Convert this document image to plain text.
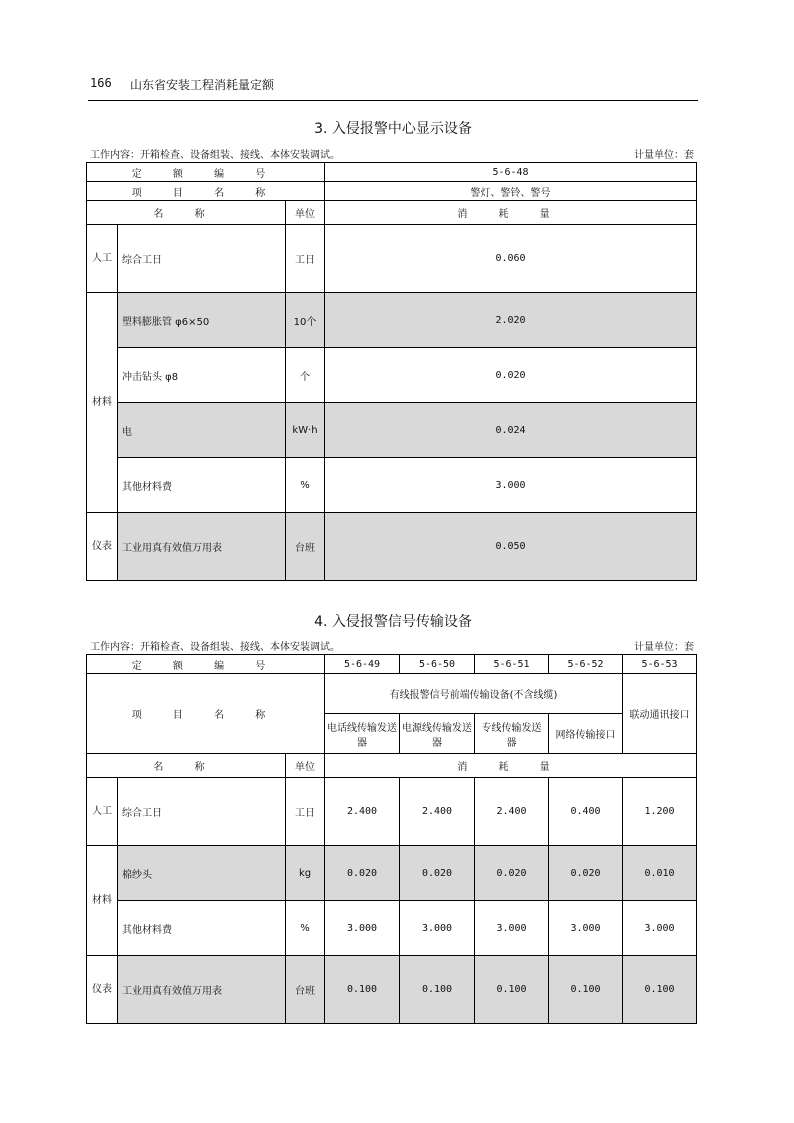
166 山东省安装工程消耗量定额
3. 入侵报警中心显示设备
工作内容：开箱检查、设备组装、接线、本体安装调试。	计量单位：套
定 额 编 号			5-6-48
项 目 名 称			警灯、警铃、警号
名 称		单位	消 耗 量

人工	综合工日	工日	0.060
材料	塑料膨胀管 φ6×50	10个	2.020
	冲击钻头 φ8	个	0.020
	电	kW·h	0.024
	其他材料费	%	3.000
仪表	工业用真有效值万用表	台班	0.050
4. 入侵报警信号传输设备
工作内容：开箱检查、设备组装、接线、本体安装调试。	计量单位：套
定 额 编 号			5-6-49	5-6-50	5-6-51	5-6-52	5-6-53
项 目 名 称			有线报警信号前端传输设备(不含线缆)				联动通讯接口
			电话线传输发送器	电源线传输发送器	专线传输发送器	网络传输接口	
名 称		单位	消 耗 量				
人工	综合工日	工日	2.400	2.400	2.400	0.400	1.200
材料	棉纱头	kg	0.020	0.020	0.020	0.020	0.010
	其他材料费	%	3.000	3.000	3.000	3.000	3.000
仪表	工业用真有效值万用表	台班	0.100	0.100	0.100	0.100	0.100
